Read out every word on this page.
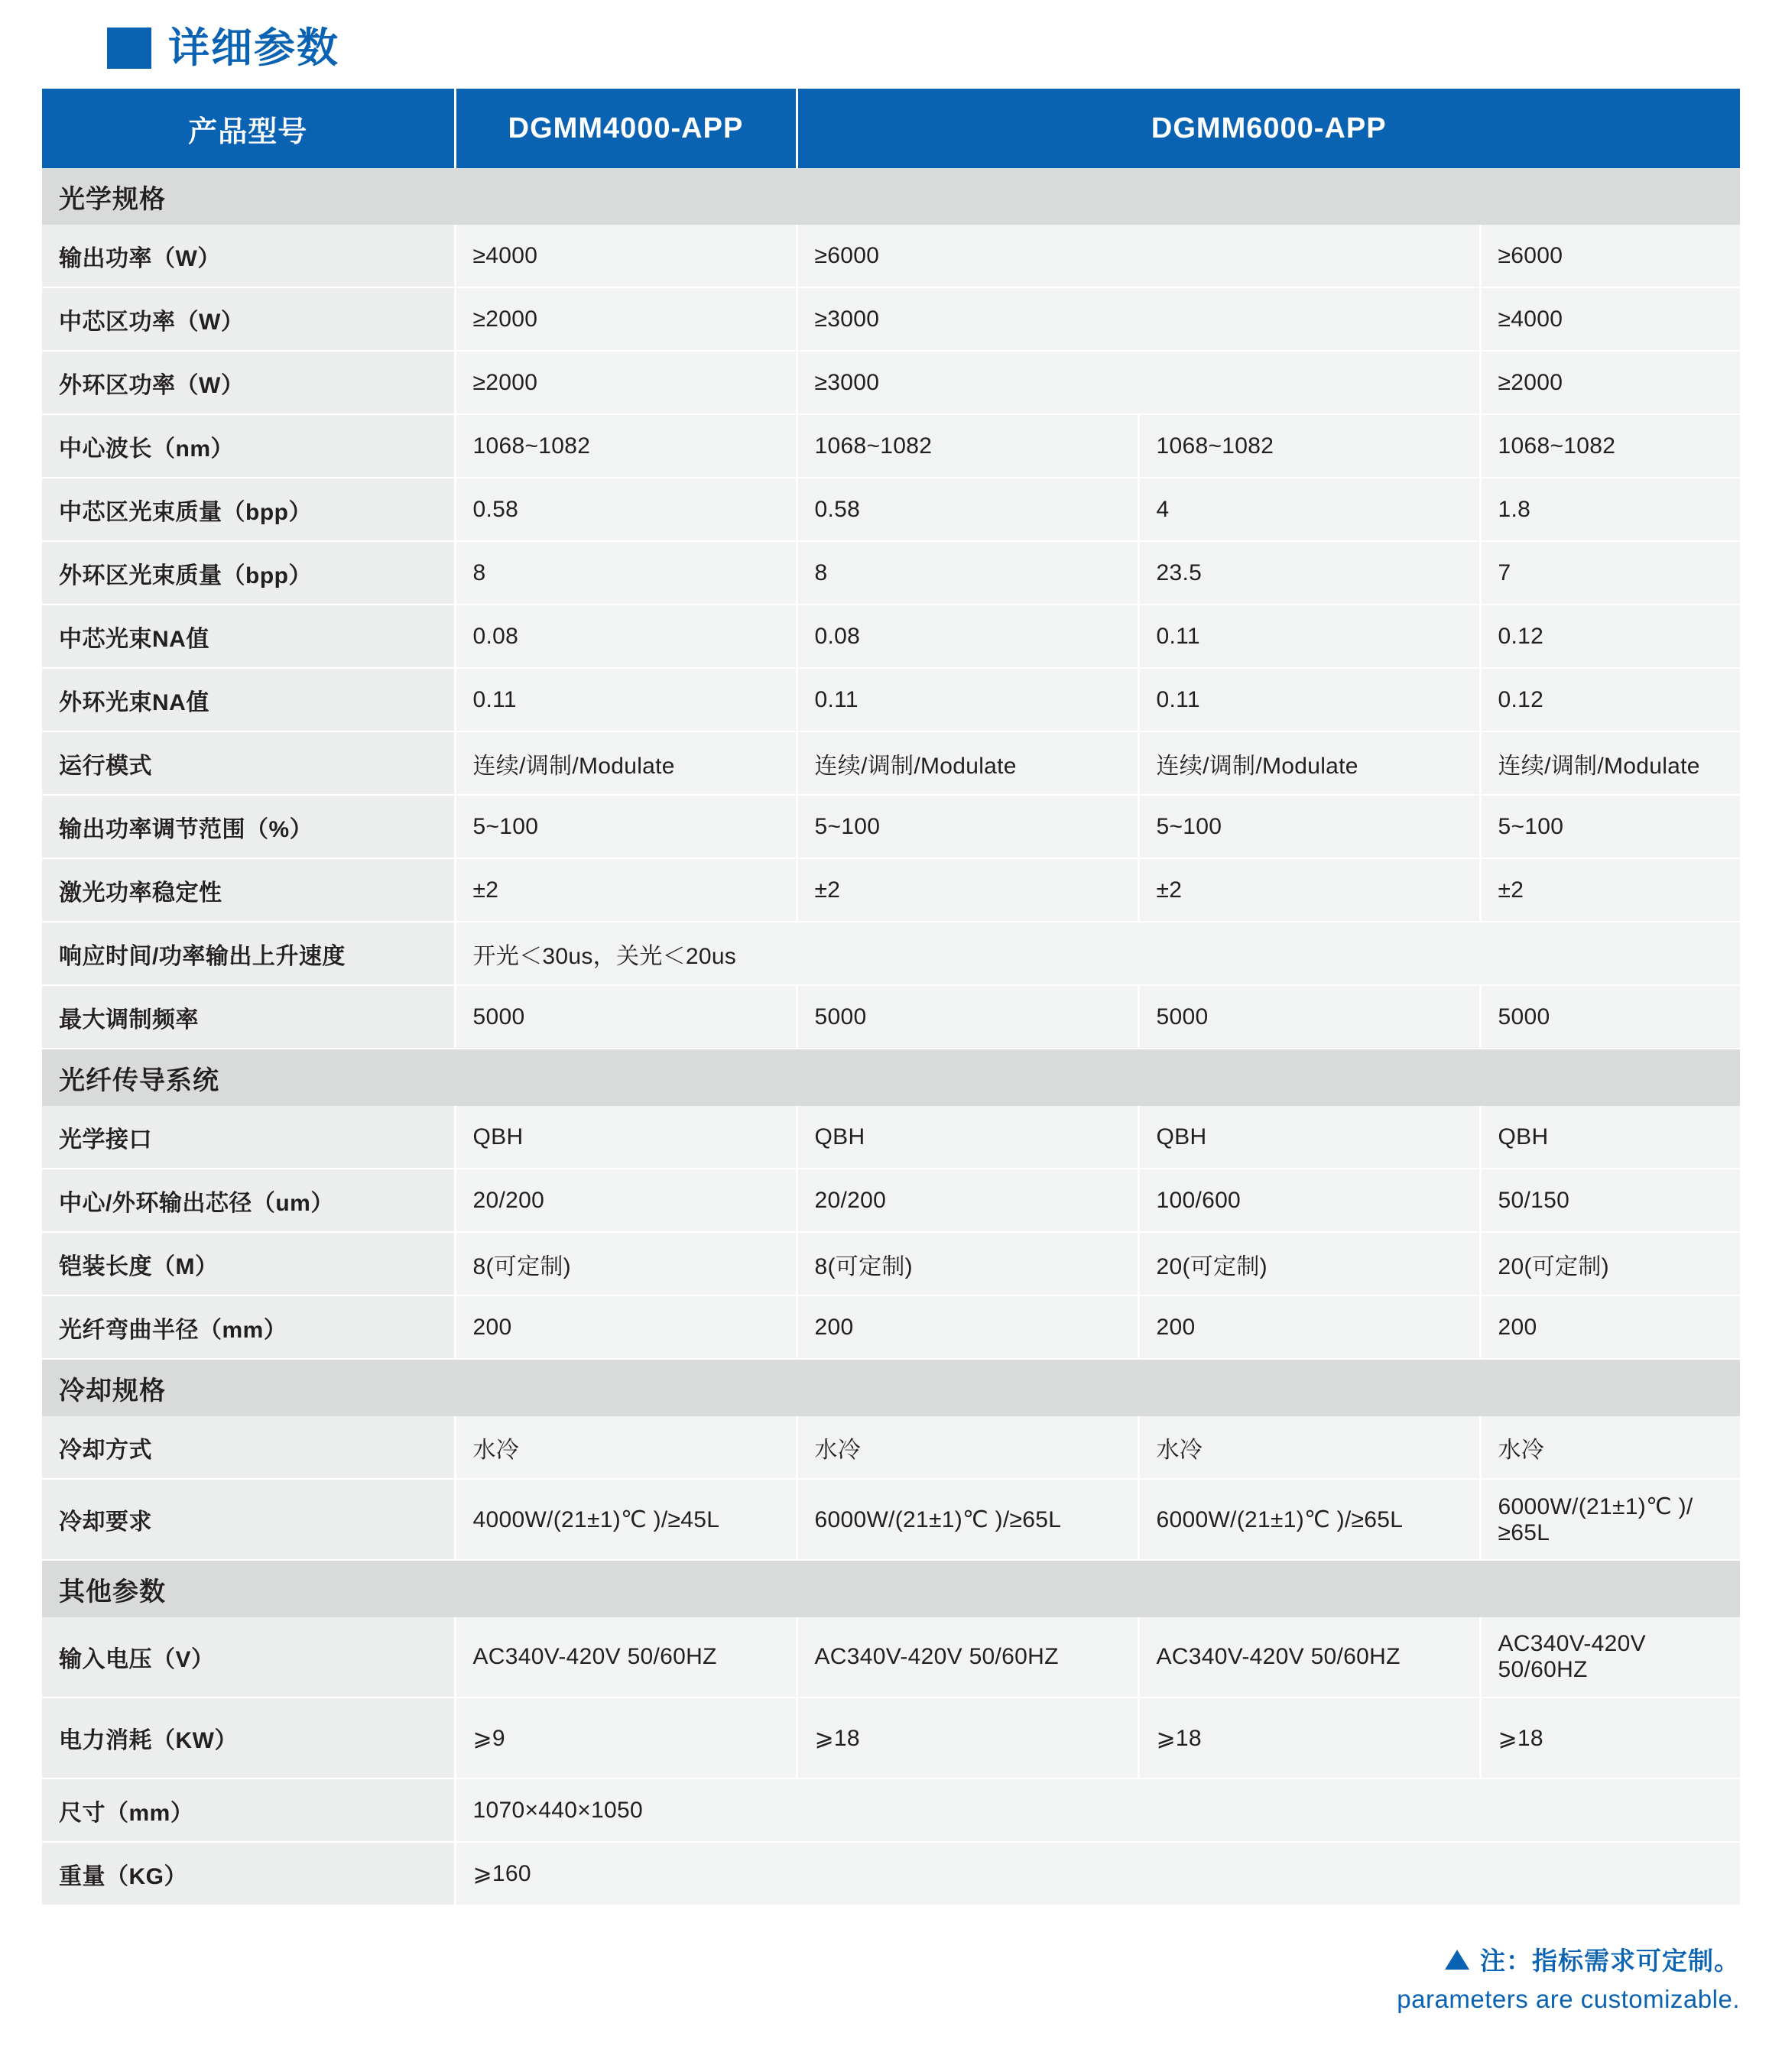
详细参数
产品型号	DGMM4000-APP	DGMM6000-APP		
光学规格				
输出功率（W）	≥4000	≥6000		≥6000
中芯区功率（W）	≥2000	≥3000		≥4000
外环区功率（W）	≥2000	≥3000		≥2000
中心波长（nm）	1068~1082	1068~1082	1068~1082	1068~1082
中芯区光束质量（bpp）	0.58	0.58	4	1.8
外环区光束质量（bpp）	8	8	23.5	7
中芯光束NA值	0.08	0.08	0.11	0.12
外环光束NA值	0.11	0.11	0.11	0.12
运行模式	连续/调制/Modulate	连续/调制/Modulate	连续/调制/Modulate	连续/调制/Modulate
输出功率调节范围（%）	5~100	5~100	5~100	5~100
激光功率稳定性	±2	±2	±2	±2
响应时间/功率输出上升速度	开光＜30us，关光＜20us			
最大调制频率	5000	5000	5000	5000
光纤传导系统				
光学接口	QBH	QBH	QBH	QBH
中心/外环输出芯径（um）	20/200	20/200	100/600	50/150
铠装长度（M）	8(可定制)	8(可定制)	20(可定制)	20(可定制)
光纤弯曲半径（mm）	200	200	200	200
冷却规格				
冷却方式	水冷	水冷	水冷	水冷
冷却要求	4000W/(21±1)℃ )/≥45L	6000W/(21±1)℃ )/≥65L	6000W/(21±1)℃ )/≥65L	6000W/(21±1)℃ )/≥65L
其他参数				
输入电压（V）	AC340V-420V 50/60HZ	AC340V-420V 50/60HZ	AC340V-420V 50/60HZ	AC340V-420V 50/60HZ
电力消耗（KW）	⩾9	⩾18	⩾18	⩾18
尺寸（mm）	1070×440×1050			
重量（KG）	⩾160			
注：指标需求可定制。
parameters are customizable.
